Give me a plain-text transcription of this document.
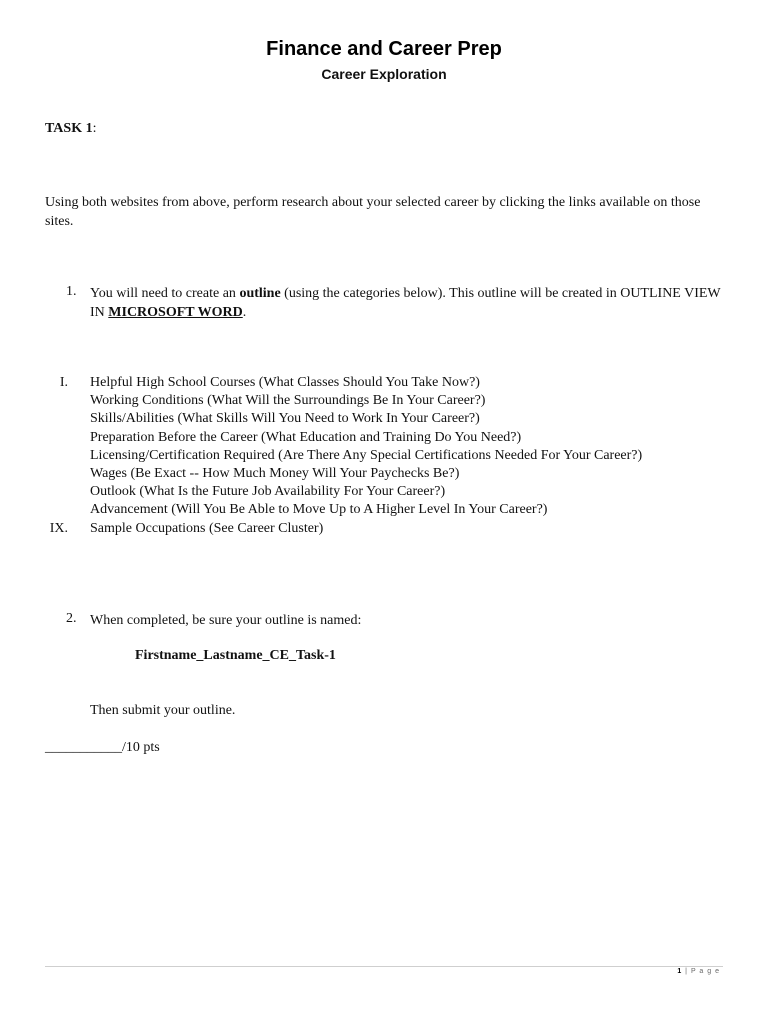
Finance and Career Prep
Career Exploration
TASK 1:
Using both websites from above, perform research about your selected career by clicking the links available on those sites.
1. You will need to create an outline (using the categories below). This outline will be created in OUTLINE VIEW IN MICROSOFT WORD.
I. Helpful High School Courses (What Classes Should You Take Now?)
Working Conditions (What Will the Surroundings Be In Your Career?)
Skills/Abilities (What Skills Will You Need to Work In Your Career?)
Preparation Before the Career (What Education and Training Do You Need?)
Licensing/Certification Required (Are There Any Special Certifications Needed For Your Career?)
Wages (Be Exact -- How Much Money Will Your Paychecks Be?)
Outlook (What Is the Future Job Availability For Your Career?)
Advancement (Will You Be Able to Move Up to A Higher Level In Your Career?)
IX. Sample Occupations (See Career Cluster)
2. When completed, be sure your outline is named:
Firstname_Lastname_CE_Task-1
Then submit your outline.
___________/10 pts
1 | P a g e
